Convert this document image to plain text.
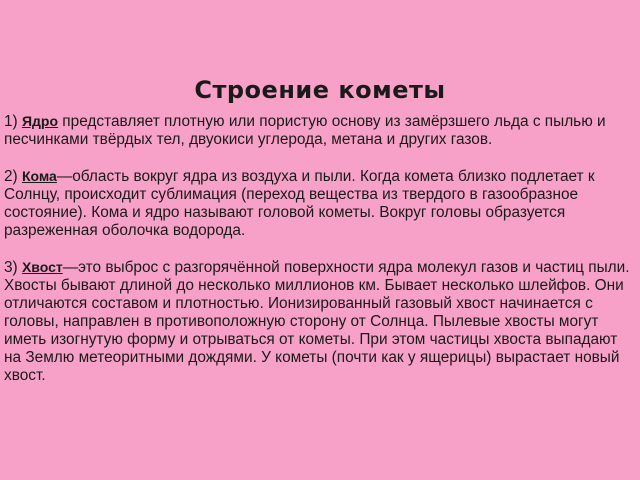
Строение кометы

1) Ядро представляет плотную или пористую основу из замёрзшего льда с пылью и песчинками твёрдых тел, двуокиси углерода, метана и других газов.

2) Кома—область вокруг ядра из воздуха и пыли. Когда комета близко подлетает к Солнцу, происходит сублимация (переход вещества из твердого в газообразное состояние). Кома и ядро называют головой кометы. Вокруг головы образуется разреженная оболочка водорода.

3) Хвост—это выброс с разгорячённой поверхности ядра молекул газов и частиц пыли. Хвосты бывают длиной до несколько миллионов км. Бывает несколько шлейфов. Они отличаются составом и плотностью. Ионизированный газовый хвост начинается с головы, направлен в противоположную сторону от Солнца. Пылевые хвосты могут иметь изогнутую форму и отрываться от кометы. При этом частицы хвоста выпадают на Землю метеоритными дождями. У кометы (почти как у ящерицы) вырастает новый хвост.
